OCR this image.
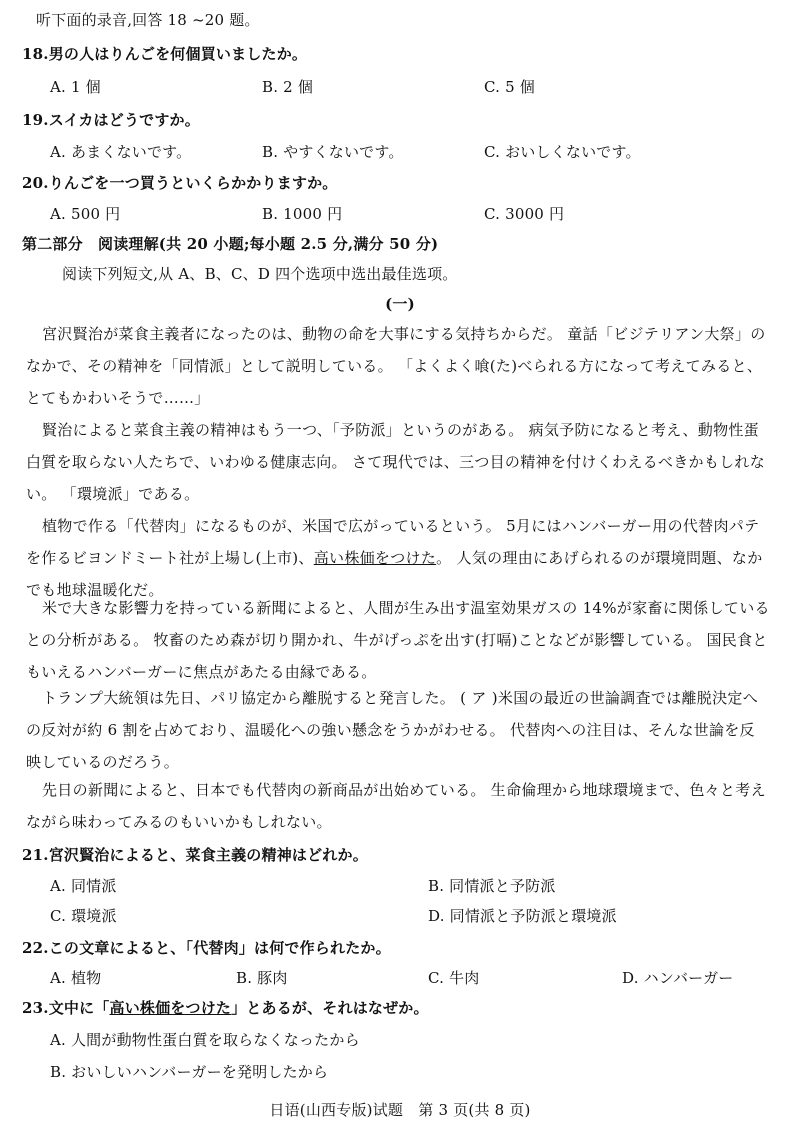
听下面的录音,回答 18 ~20 题。
18.男の人はりんごを何個買いましたか。
A. 1 個	B. 2 個	C. 5 個
19.スイカはどうですか。
A. あまくないです。	B. やすくないです。	C. おいしくないです。
20.りんごを一つ買うといくらかかりますか。
A. 500 円	B. 1000 円	C. 3000 円
第二部分　阅读理解(共 20 小题;每小题 2.5 分,满分 50 分)
阅读下列短文,从 A、B、C、D 四个选项中选出最佳选项。
(一)
宮沢賢治が菜食主義者になったのは、動物の命を大事にする気持ちからだ。 童話「ビジテリアン大祭」のなかで、その精神を「同情派」として説明している。 「よくよく喰(た)べられる方になって考えてみると、とてもかわいそうで……」
賢治によると菜食主義の精神はもう一つ、「予防派」というのがある。 病気予防になると考え、動物性蛋白質を取らない人たちで、いわゆる健康志向。 さて現代では、三つ目の精神を付けくわえるべきかもしれない。 「環境派」である。
植物で作る「代替肉」になるものが、米国で広がっているという。 5月にはハンバーガー用の代替肉パテを作るビヨンドミート社が上場し(上市)、高い株価をつけた。 人気の理由にあげられるのが環境問題、なかでも地球温暖化だ。
米で大きな影響力を持っている新聞によると、人間が生み出す温室効果ガスの 14%が家畜に関係しているとの分析がある。 牧畜のため森が切り開かれ、牛がげっぷを出す(打嗝)ことなどが影響している。 国民食ともいえるハンバーガーに焦点があたる由縁である。
トランプ大統領は先日、パリ協定から離脱すると発言した。 ( ア )米国の最近の世論調査では離脱決定への反対が約 6 割を占めており、温暖化への強い懸念をうかがわせる。 代替肉への注目は、そんな世論を反映しているのだろう。
先日の新聞によると、日本でも代替肉の新商品が出始めている。 生命倫理から地球環境まで、色々と考えながら味わってみるのもいいかもしれない。
21.宮沢賢治によると、菜食主義の精神はどれか。
A. 同情派	B. 同情派と予防派
C. 環境派	D. 同情派と予防派と環境派
22.この文章によると、「代替肉」は何で作られたか。
A. 植物	B. 豚肉	C. 牛肉	D. ハンバーガー
23.文中に「高い株価をつけた」とあるが、それはなぜか。
A. 人間が動物性蛋白質を取らなくなったから
B. おいしいハンバーガーを発明したから
日语(山西专版)试题　第 3 页(共 8 页)
